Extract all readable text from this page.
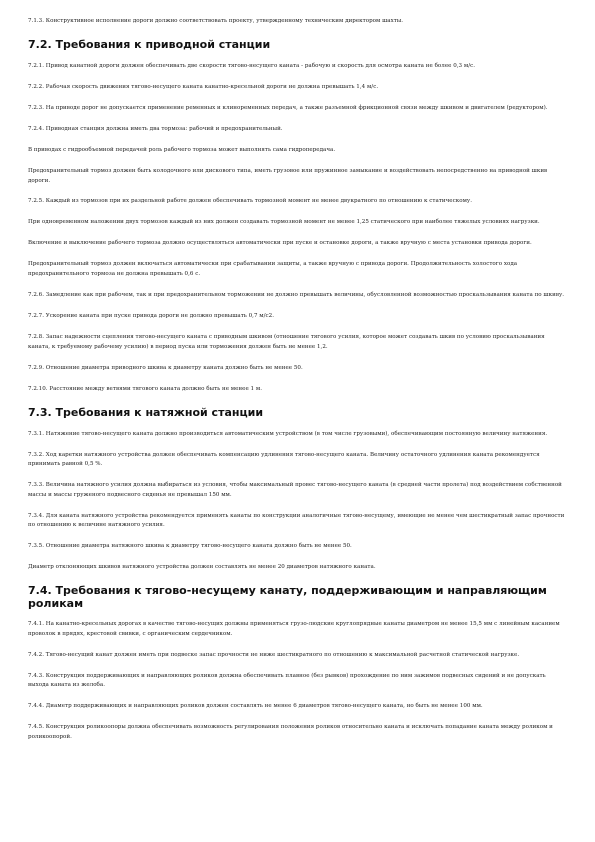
7.1.3. Конструктивное исполнение дороги должно соответствовать проекту, утвержденному техническим директором шахты.

7.2. Требования к приводной станции

7.2.1. Привод канатной дороги должен обеспечивать две скорости тягово-несущего каната - рабочую и скорость для осмотра каната не более 0,3 м/с.

7.2.2. Рабочая скорость движения тягово-несущего каната канатно-кресельной дороги не должна превышать 1,4 м/с.

7.2.3. На приводе дорог не допускается применение ременных и клиноременных передач, а также разъемной фрикционной связи между шкивом и двигателем (редуктором).

7.2.4. Приводная станция должна иметь два тормоза: рабочий и предохранительный.

В приводах с гидрообъемной передачей роль рабочего тормоза может выполнять сама гидропередача.

Предохранительный тормоз должен быть колодочного или дискового типа, иметь грузовое или пружинное замыкание и воздействовать непосредственно на приводной шкив дороги.

7.2.5. Каждый из тормозов при их раздельной работе должен обеспечивать тормозной момент не менее двукратного по отношению к статическому.

При одновременном наложении двух тормозов каждый из них должен создавать тормозной момент не менее 1,25 статического при наиболее тяжелых условиях нагрузки.

Включение и выключение рабочего тормоза должно осуществляться автоматически при пуске и остановке дороги, а также вручную с места установки привода дороги.

Предохранительный тормоз должен включаться автоматически при срабатывании защиты, а также вручную с привода дороги. Продолжительность холостого хода предохранительного тормоза не должна превышать 0,6 с.

7.2.6. Замедление как при рабочем, так и при предохранительном торможении не должно превышать величины, обусловленной возможностью проскальзывания каната по шкиву.

7.2.7. Ускорение каната при пуске привода дороги не должно превышать 0,7 м/с2.

7.2.8. Запас надежности сцепления тягово-несущего каната с приводным шкивом (отношение тягового усилия, которое может создавать шкив по условию проскальзывания каната, к требуемому рабочему усилию) в период пуска или торможения должен быть не менее 1,2.

7.2.9. Отношение диаметра приводного шкива к диаметру каната должно быть не менее 50.

7.2.10. Расстояние между ветвями тягового каната должно быть не менее 1 м.

7.3. Требования к натяжной станции

7.3.1. Натяжение тягово-несущего каната должно производиться автоматическим устройством (в том числе грузовыми), обеспечивающим постоянную величину натяжения.

7.3.2. Ход каретки натяжного устройства должен обеспечивать компенсацию удлинения тягово-несущего каната. Величину остаточного удлинения каната рекомендуется принимать равной 0,5 %.

7.3.3. Величина натяжного усилия должна выбираться из условия, чтобы максимальный провес тягово-несущего каната (в средней части пролета) под воздействием собственной массы и массы груженого подвесного сиденья не превышал 150 мм.

7.3.4. Для каната натяжного устройства рекомендуется применять канаты по конструкции аналогичные тягово-несущему, имеющие не менее чем шестикратный запас прочности по отношению к величине натяжного усилия.

7.3.5. Отношение диаметра натяжного шкива к диаметру тягово-несущего каната должно быть не менее 50.

Диаметр отклоняющих шкивов натяжного устройства должен составлять не менее 20 диаметров натяжного каната.

7.4. Требования к тягово-несущему канату, поддерживающим и направляющим роликам

7.4.1. На канатно-кресельных дорогах в качестве тягово-несущих должны применяться грузо-людские круглопрядные канаты диаметром не менее 15,5 мм с линейным касанием проволок в прядях, крестовой свивки, с органическим сердечником.

7.4.2. Тягово-несущий канат должен иметь при подвеске запас прочности не ниже шестикратного по отношению к максимальной расчетной статической нагрузке.

7.4.3. Конструкция поддерживающих и направляющих роликов должна обеспечивать плавное (без рывков) прохождение по ним зажимов подвесных сидений и не допускать выхода каната из желоба.

7.4.4. Диаметр поддерживающих и направляющих роликов должен составлять не менее 6 диаметров тягово-несущего каната, но быть не менее 100 мм.

7.4.5. Конструкция роликоопоры должна обеспечивать возможность регулирования положения роликов относительно каната и исключать попадание каната между роликом и роликоопорой.
